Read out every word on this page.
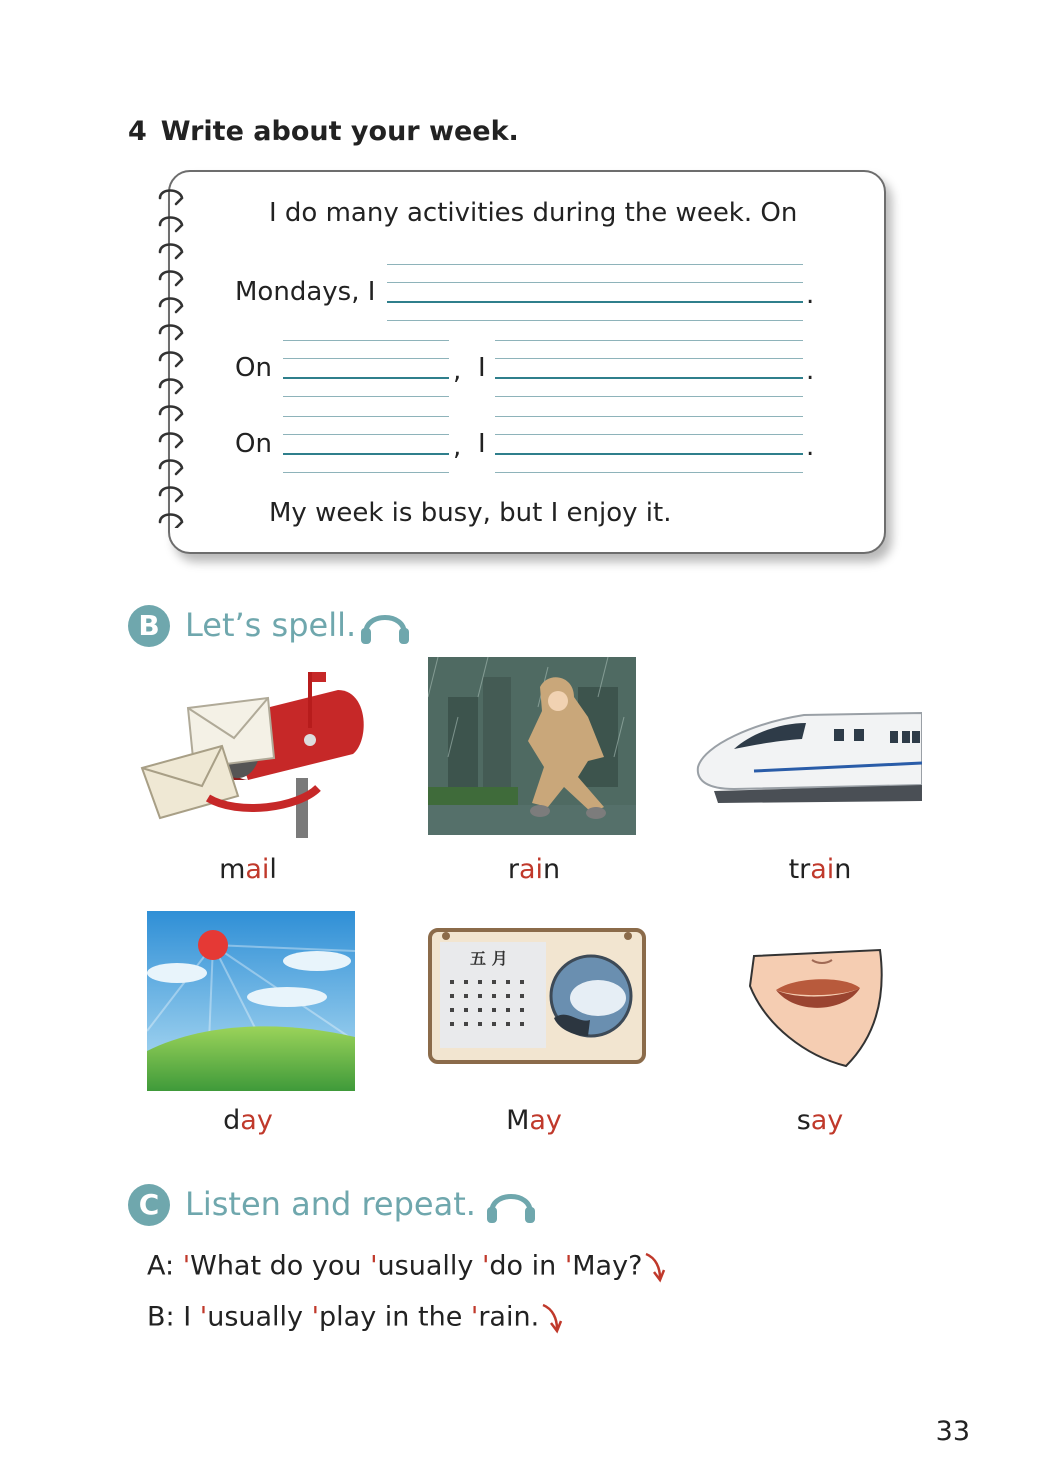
4 Write about your week.
I do many activities during the week. On
Mondays, I	.
On	, I	.
On	, I	.
My week is busy, but I enjoy it.
B Let’s spell.
mail	rain	train
day
五 月
May	say
C Listen and repeat.
A: 'What do you 'usually 'do in 'May?
B: I 'usually 'play in the 'rain.
33
